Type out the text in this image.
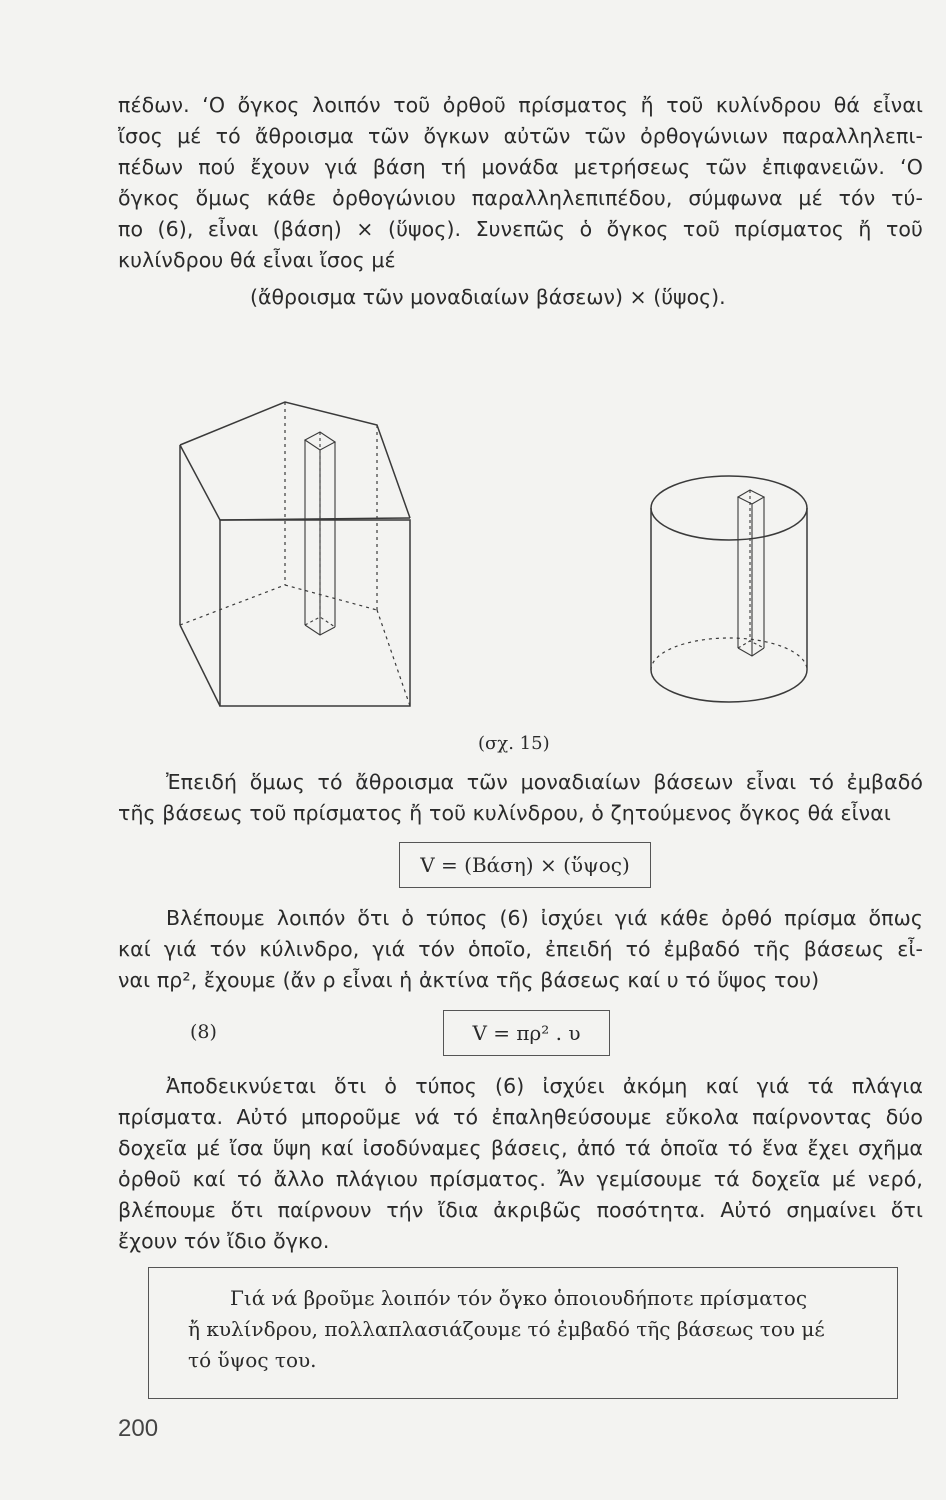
πέδων. ‘Ο ὄγκος λοιπόν τοῦ ὀρθοῦ πρίσματος ἤ τοῦ κυλίνδρου θά εἶναι
ἴσος μέ τό ἄθροισμα τῶν ὄγκων αὐτῶν τῶν ὀρθογώνιων παραλληλεπι-
πέδων πού ἔχουν γιά βάση τή μονάδα μετρήσεως τῶν ἐπιφανειῶν. ‘Ο
ὄγκος ὅμως κάθε ὀρθογώνιου παραλληλεπιπέδου, σύμφωνα μέ τόν τύ-
πο (6), εἶναι (βάση) × (ὕψος). Συνεπῶς ὁ ὄγκος τοῦ πρίσματος ἤ τοῦ
κυλίνδρου θά εἶναι ἴσος μέ
(ἄθροισμα τῶν μοναδιαίων βάσεων) × (ὕψος).
(σχ. 15)
Ἐπειδή ὅμως τό ἄθροισμα τῶν μοναδιαίων βάσεων εἶναι τό ἐμβαδό
τῆς βάσεως τοῦ πρίσματος ἤ τοῦ κυλίνδρου, ὁ ζητούμενος ὄγκος θά εἶναι
V = (Βάση) × (ὕψος)
Βλέπουμε λοιπόν ὅτι ὁ τύπος (6) ἰσχύει γιά κάθε ὀρθό πρίσμα ὅπως
καί γιά τόν κύλινδρο, γιά τόν ὁποῖο, ἐπειδή τό ἐμβαδό τῆς βάσεως εἶ-
ναι πρ², ἔχουμε (ἄν ρ εἶναι ἡ ἀκτίνα τῆς βάσεως καί υ τό ὕψος του)
(8)	V = πρ² . υ
Ἀποδεικνύεται ὅτι ὁ τύπος (6) ἰσχύει ἀκόμη καί γιά τά πλάγια
πρίσματα. Αὐτό μποροῦμε νά τό ἐπαληθεύσουμε εὔκολα παίρνοντας δύο
δοχεῖα μέ ἴσα ὕψη καί ἰσοδύναμες βάσεις, ἀπό τά ὁποῖα τό ἕνα ἔχει σχῆμα
ὀρθοῦ καί τό ἄλλο πλάγιου πρίσματος. Ἄν γεμίσουμε τά δοχεῖα μέ νερό,
βλέπουμε ὅτι παίρνουν τήν ἴδια ἀκριβῶς ποσότητα. Αὐτό σημαίνει ὅτι
ἔχουν τόν ἴδιο ὄγκο.
Γιά νά βροῦμε λοιπόν τόν ὄγκο ὁποιουδήποτε πρίσματος
ἤ κυλίνδρου, πολλαπλασιάζουμε τό ἐμβαδό τῆς βάσεως του μέ
τό ὕψος του.
200
